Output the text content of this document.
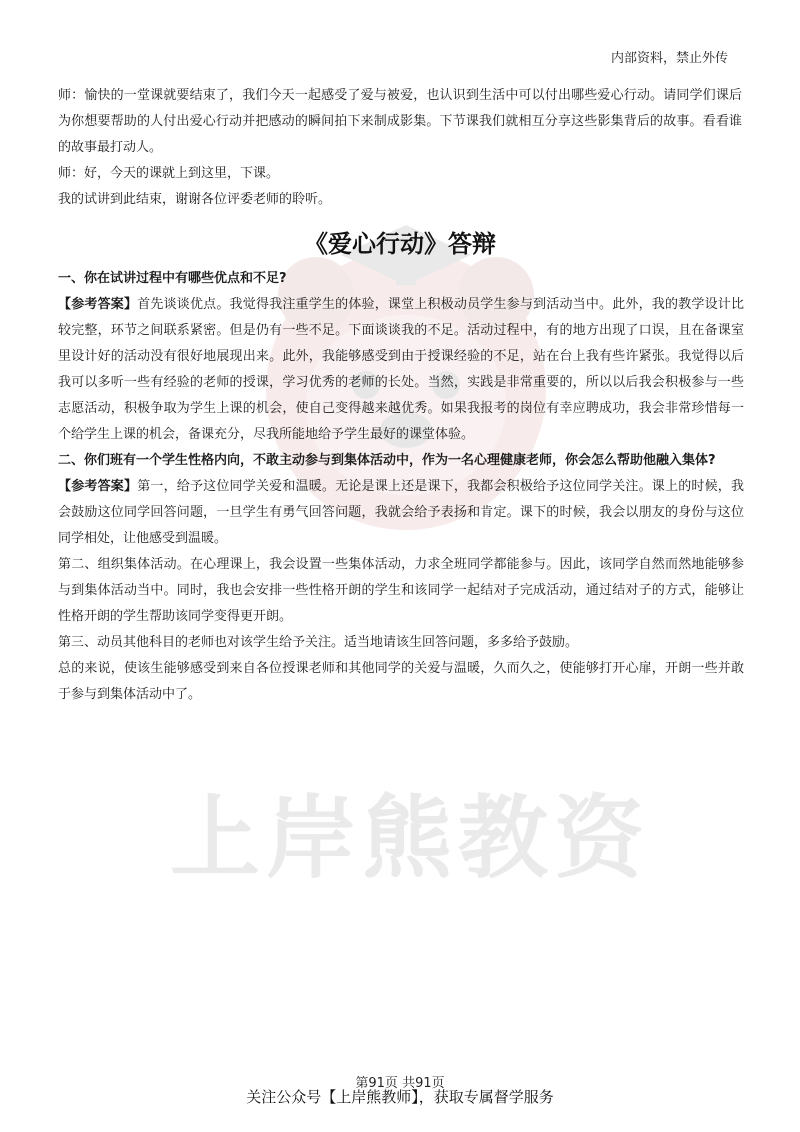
上岸熊教资
内部资料，禁止外传

师：愉快的一堂课就要结束了，我们今天一起感受了爱与被爱，也认识到生活中可以付出哪些爱心行动。请同学们课后为你想要帮助的人付出爱心行动并把感动的瞬间拍下来制成影集。下节课我们就相互分享这些影集背后的故事。看看谁的故事最打动人。

师：好，今天的课就上到这里，下课。

我的试讲到此结束，谢谢各位评委老师的聆听。

《爱心行动》答辩

一、你在试讲过程中有哪些优点和不足?

【参考答案】首先谈谈优点。我觉得我注重学生的体验，课堂上积极动员学生参与到活动当中。此外，我的教学设计比较完整，环节之间联系紧密。但是仍有一些不足。下面谈谈我的不足。活动过程中，有的地方出现了口误，且在备课室里设计好的活动没有很好地展现出来。此外，我能够感受到由于授课经验的不足，站在台上我有些许紧张。我觉得以后我可以多听一些有经验的老师的授课，学习优秀的老师的长处。当然，实践是非常重要的，所以以后我会积极参与一些志愿活动，积极争取为学生上课的机会，使自己变得越来越优秀。如果我报考的岗位有幸应聘成功，我会非常珍惜每一个给学生上课的机会，备课充分，尽我所能地给予学生最好的课堂体验。

二、你们班有一个学生性格内向，不敢主动参与到集体活动中，作为一名心理健康老师，你会怎么帮助他融入集体?

【参考答案】第一，给予这位同学关爱和温暖。无论是课上还是课下，我都会积极给予这位同学关注。课上的时候，我会鼓励这位同学回答问题，一旦学生有勇气回答问题，我就会给予表扬和肯定。课下的时候，我会以朋友的身份与这位同学相处，让他感受到温暖。

第二、组织集体活动。在心理课上，我会设置一些集体活动，力求全班同学都能参与。因此，该同学自然而然地能够参与到集体活动当中。同时，我也会安排一些性格开朗的学生和该同学一起结对子完成活动，通过结对子的方式，能够让性格开朗的学生帮助该同学变得更开朗。

第三、动员其他科目的老师也对该学生给予关注。适当地请该生回答问题，多多给予鼓励。

总的来说，使该生能够感受到来自各位授课老师和其他同学的关爱与温暖，久而久之，使能够打开心扉，开朗一些并敢于参与到集体活动中了。

第91页 共91页
关注公众号【上岸熊教师】，获取专属督学服务
